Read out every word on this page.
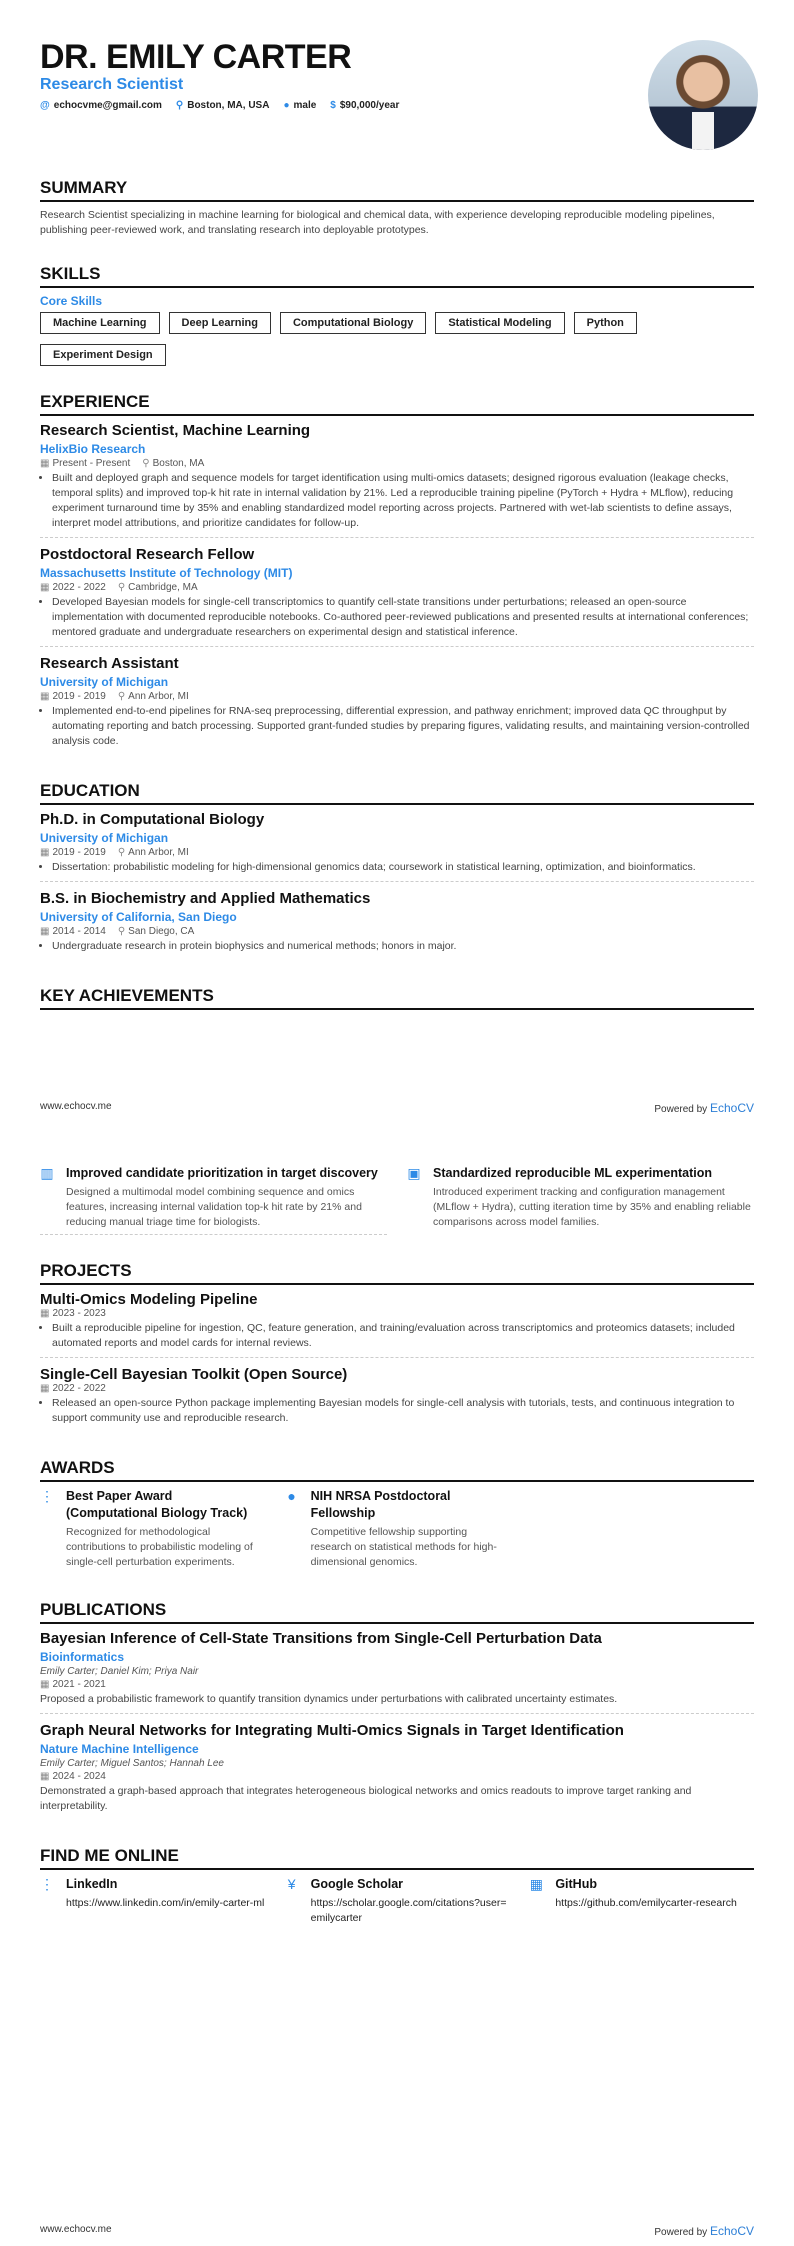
DR. EMILY CARTER
Research Scientist
@ echocvme@gmail.com ⚲ Boston, MA, USA ● male $ $90,000/year
SUMMARY

Research Scientist specializing in machine learning for biological and chemical data, with experience developing reproducible modeling pipelines, publishing peer-reviewed work, and translating research into deployable prototypes.

SKILLS
Core Skills
Machine Learning	Deep Learning	Computational Biology	Statistical Modeling	Python
Experiment Design
EXPERIENCE
Research Scientist, Machine Learning
HelixBio Research
▦ Present - Present ⚲ Boston, MA
• Built and deployed graph and sequence models for target identification using multi-omics datasets; designed rigorous evaluation (leakage checks, temporal splits) and improved top-k hit rate in internal validation by 21%. Led a reproducible training pipeline (PyTorch + Hydra + MLflow), reducing experiment turnaround time by 35% and enabling standardized model reporting across projects. Partnered with wet-lab scientists to define assays, interpret model attributions, and prioritize candidates for follow-up.
Postdoctoral Research Fellow
Massachusetts Institute of Technology (MIT)
▦ 2022 - 2022 ⚲ Cambridge, MA
• Developed Bayesian models for single-cell transcriptomics to quantify cell-state transitions under perturbations; released an open-source implementation with documented reproducible notebooks. Co-authored peer-reviewed publications and presented results at international conferences; mentored graduate and undergraduate researchers on experimental design and statistical inference.
Research Assistant
University of Michigan
▦ 2019 - 2019 ⚲ Ann Arbor, MI
• Implemented end-to-end pipelines for RNA-seq preprocessing, differential expression, and pathway enrichment; improved data QC throughput by automating reporting and batch processing. Supported grant-funded studies by preparing figures, validating results, and maintaining version-controlled analysis code.
EDUCATION
Ph.D. in Computational Biology
University of Michigan
▦ 2019 - 2019 ⚲ Ann Arbor, MI
• Dissertation: probabilistic modeling for high-dimensional genomics data; coursework in statistical learning, optimization, and bioinformatics.
B.S. in Biochemistry and Applied Mathematics
University of California, San Diego
▦ 2014 - 2014 ⚲ San Diego, CA
• Undergraduate research in protein biophysics and numerical methods; honors in major.
KEY ACHIEVEMENTS
www.echocv.me	Powered by EchoCV
▥ Improved candidate prioritization in target discovery
Designed a multimodal model combining sequence and omics features, increasing internal validation top-k hit rate by 21% and reducing manual triage time for biologists.
▣ Standardized reproducible ML experimentation
Introduced experiment tracking and configuration management (MLflow + Hydra), cutting iteration time by 35% and enabling reliable comparisons across model families.
PROJECTS
Multi-Omics Modeling Pipeline
▦ 2023 - 2023
• Built a reproducible pipeline for ingestion, QC, feature generation, and training/evaluation across transcriptomics and proteomics datasets; included automated reports and model cards for internal reviews.
Single-Cell Bayesian Toolkit (Open Source)
▦ 2022 - 2022
• Released an open-source Python package implementing Bayesian models for single-cell analysis with tutorials, tests, and continuous integration to support community use and reproducible research.
AWARDS
⋮ Best Paper Award (Computational Biology Track)
Recognized for methodological contributions to probabilistic modeling of single-cell perturbation experiments.
● NIH NRSA Postdoctoral Fellowship
Competitive fellowship supporting research on statistical methods for high-dimensional genomics.
PUBLICATIONS
Bayesian Inference of Cell-State Transitions from Single-Cell Perturbation Data
Bioinformatics
Emily Carter; Daniel Kim; Priya Nair
▦ 2021 - 2021

Proposed a probabilistic framework to quantify transition dynamics under perturbations with calibrated uncertainty estimates.

Graph Neural Networks for Integrating Multi-Omics Signals in Target Identification
Nature Machine Intelligence
Emily Carter; Miguel Santos; Hannah Lee
▦ 2024 - 2024

Demonstrated a graph-based approach that integrates heterogeneous biological networks and omics readouts to improve target ranking and interpretability.

FIND ME ONLINE
⋮ LinkedIn
https://www.linkedin.com/in/emily-carter-ml
¥ Google Scholar
https://scholar.google.com/citations?user=emilycarter
▦ GitHub
https://github.com/emilycarter-research
www.echocv.me	Powered by EchoCV
